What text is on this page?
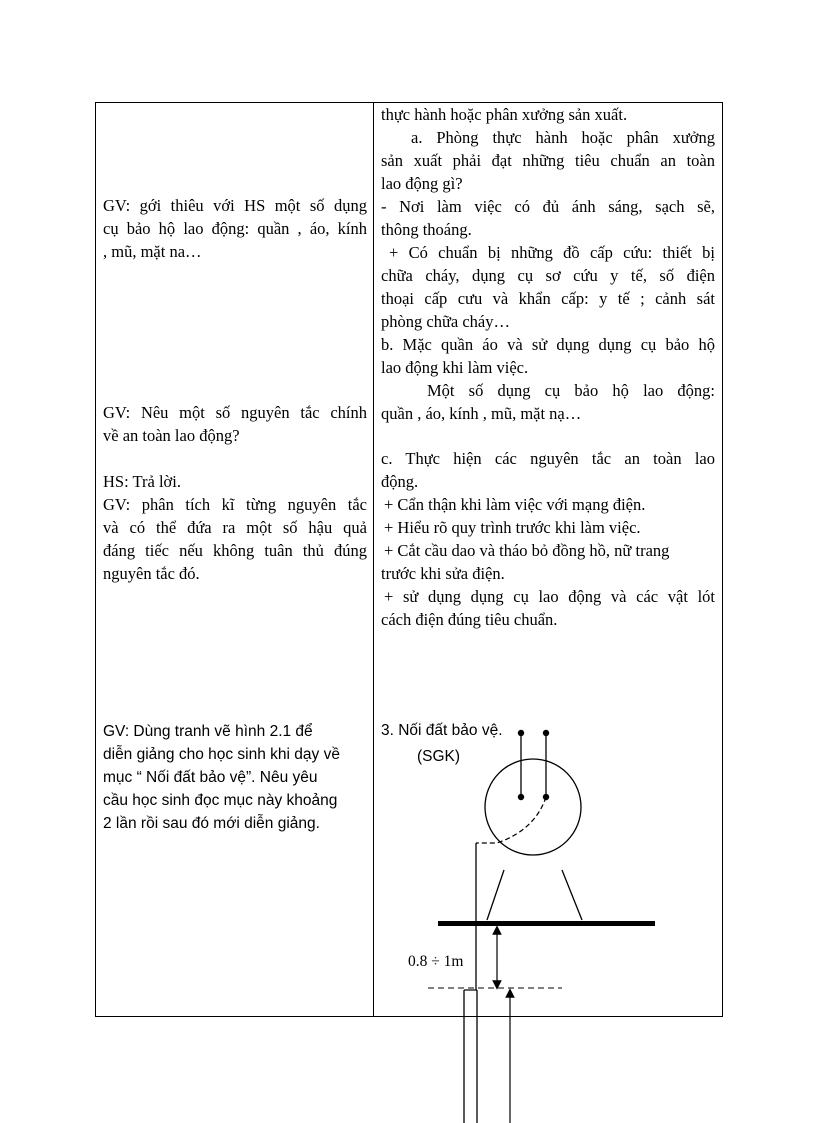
GV: gới thiêu với HS một số dụng
cụ bảo hộ lao động: quần , áo, kính
, mũ, mặt na…
GV: Nêu một số nguyên tắc chính
về an toàn lao động?
HS: Trả lời.
GV: phân tích kĩ từng nguyên tắc
và có thể đứa ra một số hậu quả
đáng tiếc nếu không tuân thủ đúng
nguyên tắc đó.
GV: Dùng tranh vẽ hình 2.1 để
diễn giảng cho học sinh khi dạy về
mục “ Nối đất bảo vệ”. Nêu yêu
cầu học sinh đọc mục này khoảng
2 lần rồi sau đó mới diễn giảng.
thực hành hoặc phân xưởng sản xuất.
a. Phòng thực hành hoặc phân xưởng
sản xuất phải đạt những tiêu chuẩn an toàn
lao động gì?
- Nơi làm việc có đủ ánh sáng, sạch sẽ,
thông thoáng.
+ Có chuẩn bị những đồ cấp cứu: thiết bị
chữa cháy, dụng cụ sơ cứu y tế, số điện
thoại cấp cưu và khẩn cấp: y tế ; cảnh sát
phòng chữa cháy…
b. Mặc quần áo và sử dụng dụng cụ bảo hộ
lao động khi làm việc.
Một số dụng cụ bảo hộ lao động:
quần , áo, kính , mũ, mặt nạ…
c. Thực hiện các nguyên tắc an toàn lao
động.
+ Cẩn thận khi làm việc với mạng điện.
+ Hiểu rõ quy trình trước khi làm việc.
+ Cắt cầu dao và tháo bỏ đồng hồ, nữ trang
trước khi sửa điện.
+ sử dụng dụng cụ lao động và các vật lót
cách điện đúng tiêu chuẩn.
3. Nối đất bảo vệ.
(SGK)
0.8 ÷ 1m
